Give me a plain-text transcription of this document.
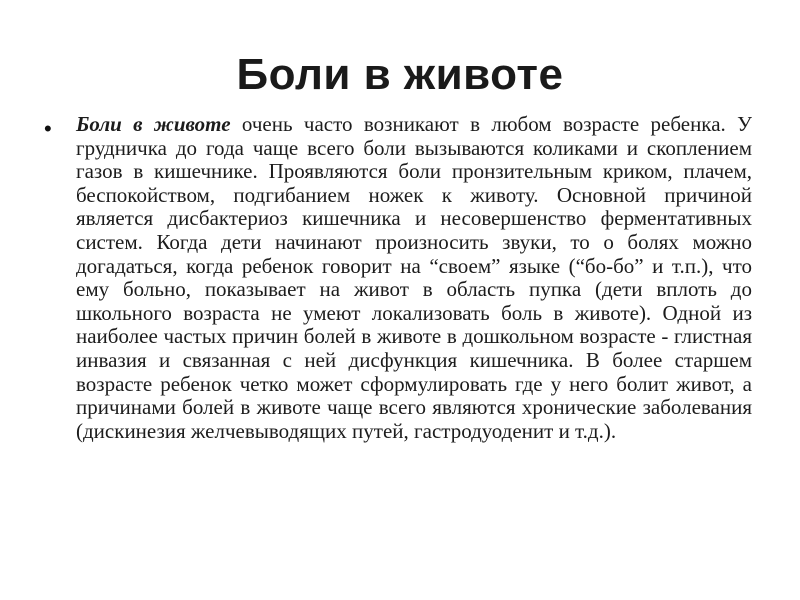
Боли в животе
• Боли в животе очень часто возникают в любом возрасте ребенка. У грудничка до года чаще всего боли вызываются коликами и скоплением газов в кишечнике. Проявляются боли пронзительным криком, плачем, беспокойством, подгибанием ножек к животу. Основной причиной является дисбактериоз кишечника и несовершенство ферментативных систем. Когда дети начинают произносить звуки, то о болях можно догадаться, когда ребенок говорит на “своем” языке (“бо-бо” и т.п.), что ему больно, показывает на живот в область пупка (дети вплоть до школьного возраста не умеют локализовать боль в животе). Одной из наиболее частых причин болей в животе в дошкольном возрасте - глистная инвазия и связанная с ней дисфункция кишечника. В более старшем возрасте ребенок четко может сформулировать где у него болит живот, а причинами болей в животе чаще всего являются хронические заболевания (дискинезия желчевыводящих путей, гастродуоденит и т.д.).
